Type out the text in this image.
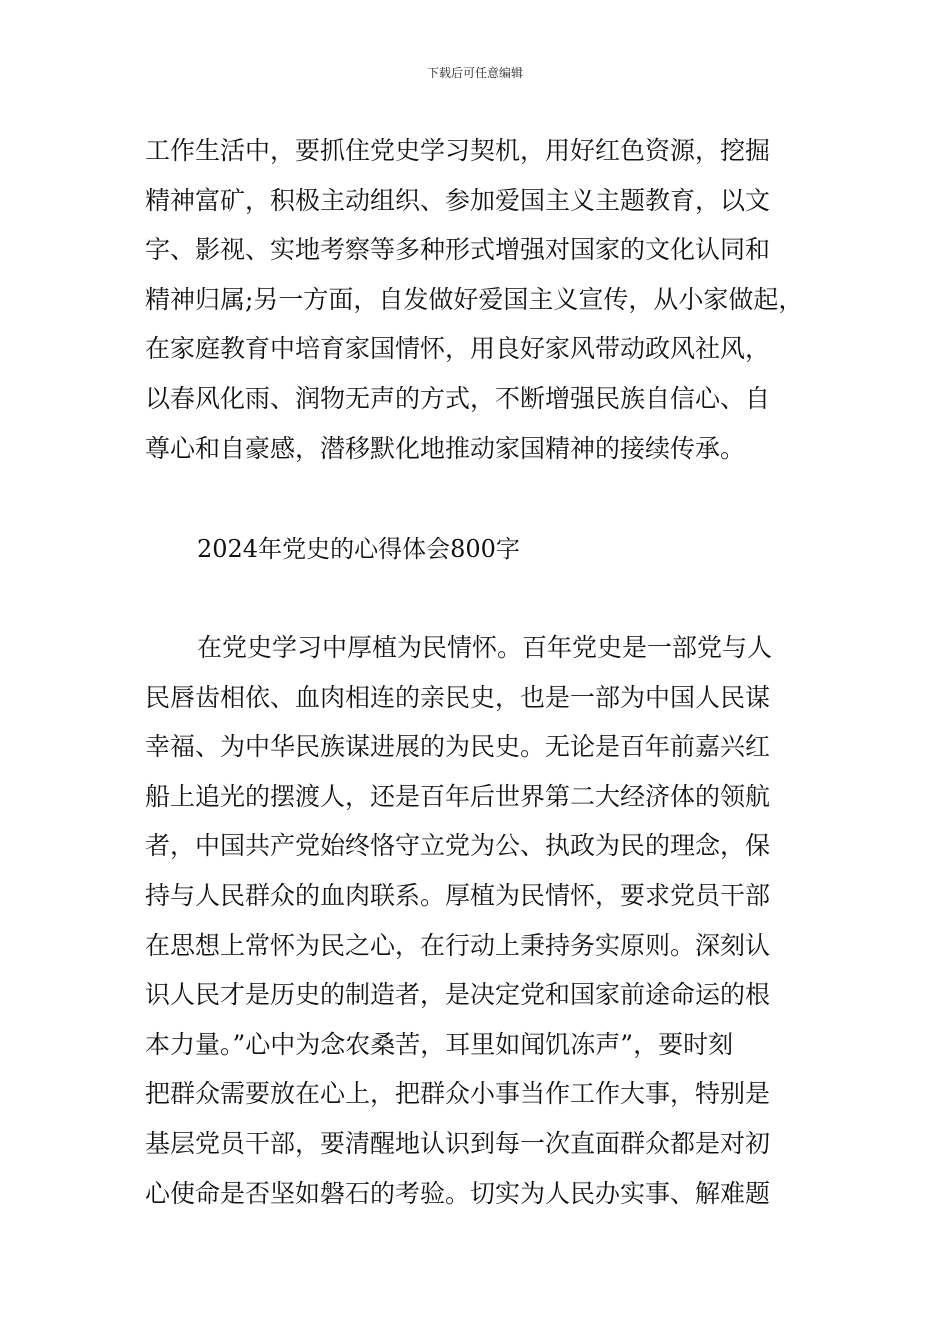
下载后可任意编辑
工作生活中，要抓住党史学习契机，用好红色资源，挖掘
精神富矿，积极主动组织、参加爱国主义主题教育，以文
字、影视、实地考察等多种形式增强对国家的文化认同和
精神归属;另一方面，自发做好爱国主义宣传，从小家做起，
在家庭教育中培育家国情怀，用良好家风带动政风社风，
以春风化雨、润物无声的方式，不断增强民族自信心、自
尊心和自豪感，潜移默化地推动家国精神的接续传承。
2024年党史的心得体会800字
在党史学习中厚植为民情怀。百年党史是一部党与人
民唇齿相依、血肉相连的亲民史，也是一部为中国人民谋
幸福、为中华民族谋进展的为民史。无论是百年前嘉兴红
船上追光的摆渡人，还是百年后世界第二大经济体的领航
者，中国共产党始终恪守立党为公、执政为民的理念，保
持与人民群众的血肉联系。厚植为民情怀，要求党员干部
在思想上常怀为民之心，在行动上秉持务实原则。深刻认
识人民才是历史的制造者，是决定党和国家前途命运的根
本力量。”心中为念农桑苦，耳里如闻饥冻声”，要时刻
把群众需要放在心上，把群众小事当作工作大事，特别是
基层党员干部，要清醒地认识到每一次直面群众都是对初
心使命是否坚如磐石的考验。切实为人民办实事、解难题
